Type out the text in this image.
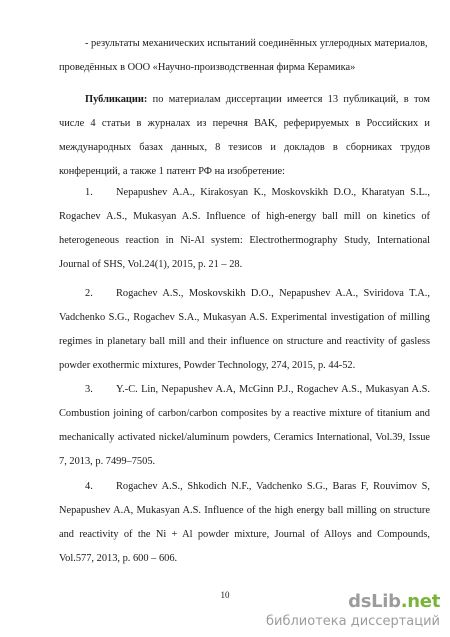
- результаты механических испытаний соединённых углеродных материалов,
проведённых в ООО «Научно-производственная фирма Керамика»
Публикации: по материалам диссертации имеется 13 публикаций, в том числе 4 статьи в журналах из перечня ВАК, реферируемых в Российских и международных базах данных, 8 тезисов и докладов в сборниках трудов конференций, а также 1 патент РФ на изобретение:
1. Nepapushev A.A., Kirakosyan K., Moskovskikh D.O., Kharatyan S.L., Rogachev A.S., Mukasyan A.S. Influence of high-energy ball mill on kinetics of heterogeneous reaction in Ni-Al system: Electrothermography Study, International Journal of SHS, Vol.24(1), 2015, p. 21 – 28.
2. Rogachev A.S., Moskovskikh D.O., Nepapushev A.A., Sviridova T.A., Vadchenko S.G., Rogachev S.A., Mukasyan A.S. Experimental investigation of milling regimes in planetary ball mill and their influence on structure and reactivity of gasless powder exothermic mixtures, Powder Technology, 274, 2015, p. 44-52.
3. Y.-C. Lin, Nepapushev A.A, McGinn P.J., Rogachev A.S., Mukasyan A.S. Combustion joining of carbon/carbon composites by a reactive mixture of titanium and mechanically activated nickel/aluminum powders, Ceramics International, Vol.39, Issue 7, 2013, p. 7499–7505.
4. Rogachev A.S., Shkodich N.F., Vadchenko S.G., Baras F, Rouvimov S, Nepapushev A.A, Mukasyan A.S. Influence of the high energy ball milling on structure and reactivity of the Ni + Al powder mixture, Journal of Alloys and Compounds, Vol.577, 2013, p. 600 – 606.
10	dsLib.net
библиотека диссертаций
